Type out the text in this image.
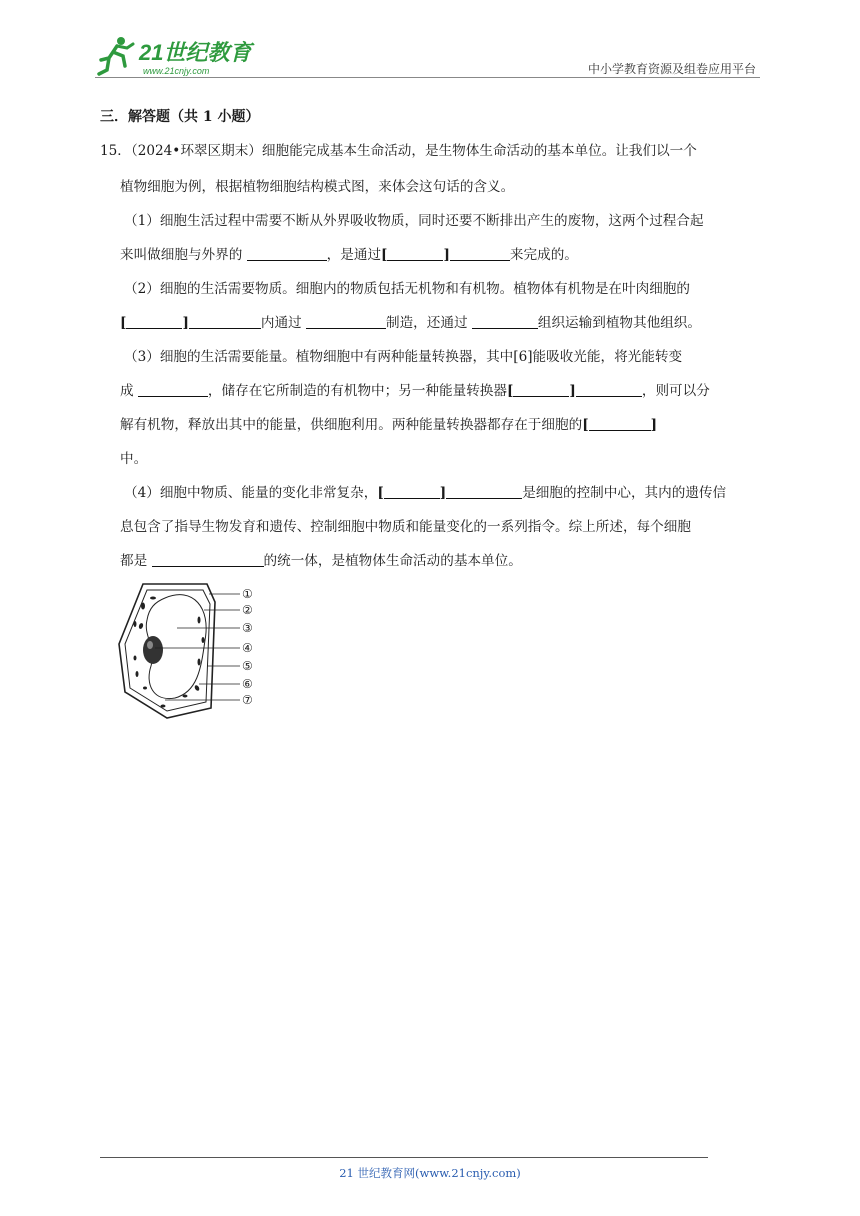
21世纪教育
www.21cnjy.com	中小学教育资源及组卷应用平台
三．解答题（共 1 小题）
15．（2024•环翠区期末）细胞能完成基本生命活动，是生物体生命活动的基本单位。让我们以一个
植物细胞为例，根据植物细胞结构模式图，来体会这句话的含义。
（1）细胞生活过程中需要不断从外界吸收物质，同时还要不断排出产生的废物，这两个过程合起
来叫做细胞与外界的	，是通过[	]	来完成的。
（2）细胞的生活需要物质。细胞内的物质包括无机物和有机物。植物体有机物是在叶肉细胞的
[	]	内通过	制造，还通过	组织运输到植物其他组织。
（3）细胞的生活需要能量。植物细胞中有两种能量转换器，其中[6]能吸收光能，将光能转变
成	，储存在它所制造的有机物中；另一种能量转换器[	]	，则可以分
解有机物，释放出其中的能量，供细胞利用。两种能量转换器都存在于细胞的[	]
中。
（4）细胞中物质、能量的变化非常复杂，[	]	是细胞的控制中心，其内的遗传信
息包含了指导生物发育和遗传、控制细胞中物质和能量变化的一系列指令。综上所述，每个细胞
都是	的统一体，是植物体生命活动的基本单位。
①
②
③
④
⑤
⑥
⑦
21 世纪教育网(www.21cnjy.com)
